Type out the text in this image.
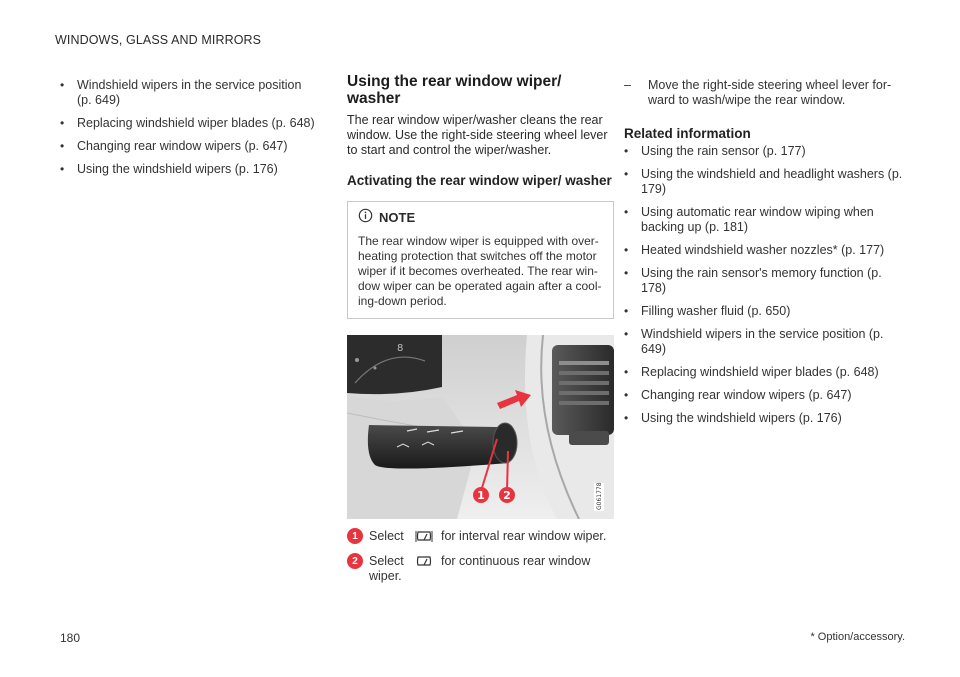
WINDOWS, GLASS AND MIRRORS
• Windshield wipers in the service position (p. 649)
• Replacing windshield wiper blades (p. 648)
• Changing rear window wipers (p. 647)
• Using the windshield wipers (p. 176)
Using the rear window wiper/ washer

The rear window wiper/washer cleans the rear window. Use the right-side steering wheel lever to start and control the wiper/washer.

Activating the rear window wiper/ washer
NOTE
The rear window wiper is equipped with over-heating protection that switches off the motor wiper if it becomes overheated. The rear win-dow wiper can be operated again after a cool-ing-down period.
8
1 2	G061778
1 Select	for interval rear window wiper.
2 Select wiper.
for continuous rear window
– Move the right-side steering wheel lever for-ward to wash/wipe the rear window.
Related information
• Using the rain sensor (p. 177)
• Using the windshield and headlight washers (p. 179)
• Using automatic rear window wiping when backing up (p. 181)
• Heated windshield washer nozzles* (p. 177)
• Using the rain sensor's memory function (p. 178)
• Filling washer fluid (p. 650)
• Windshield wipers in the service position (p. 649)
• Replacing windshield wiper blades (p. 648)
• Changing rear window wipers (p. 647)
• Using the windshield wipers (p. 176)
180	* Option/accessory.
